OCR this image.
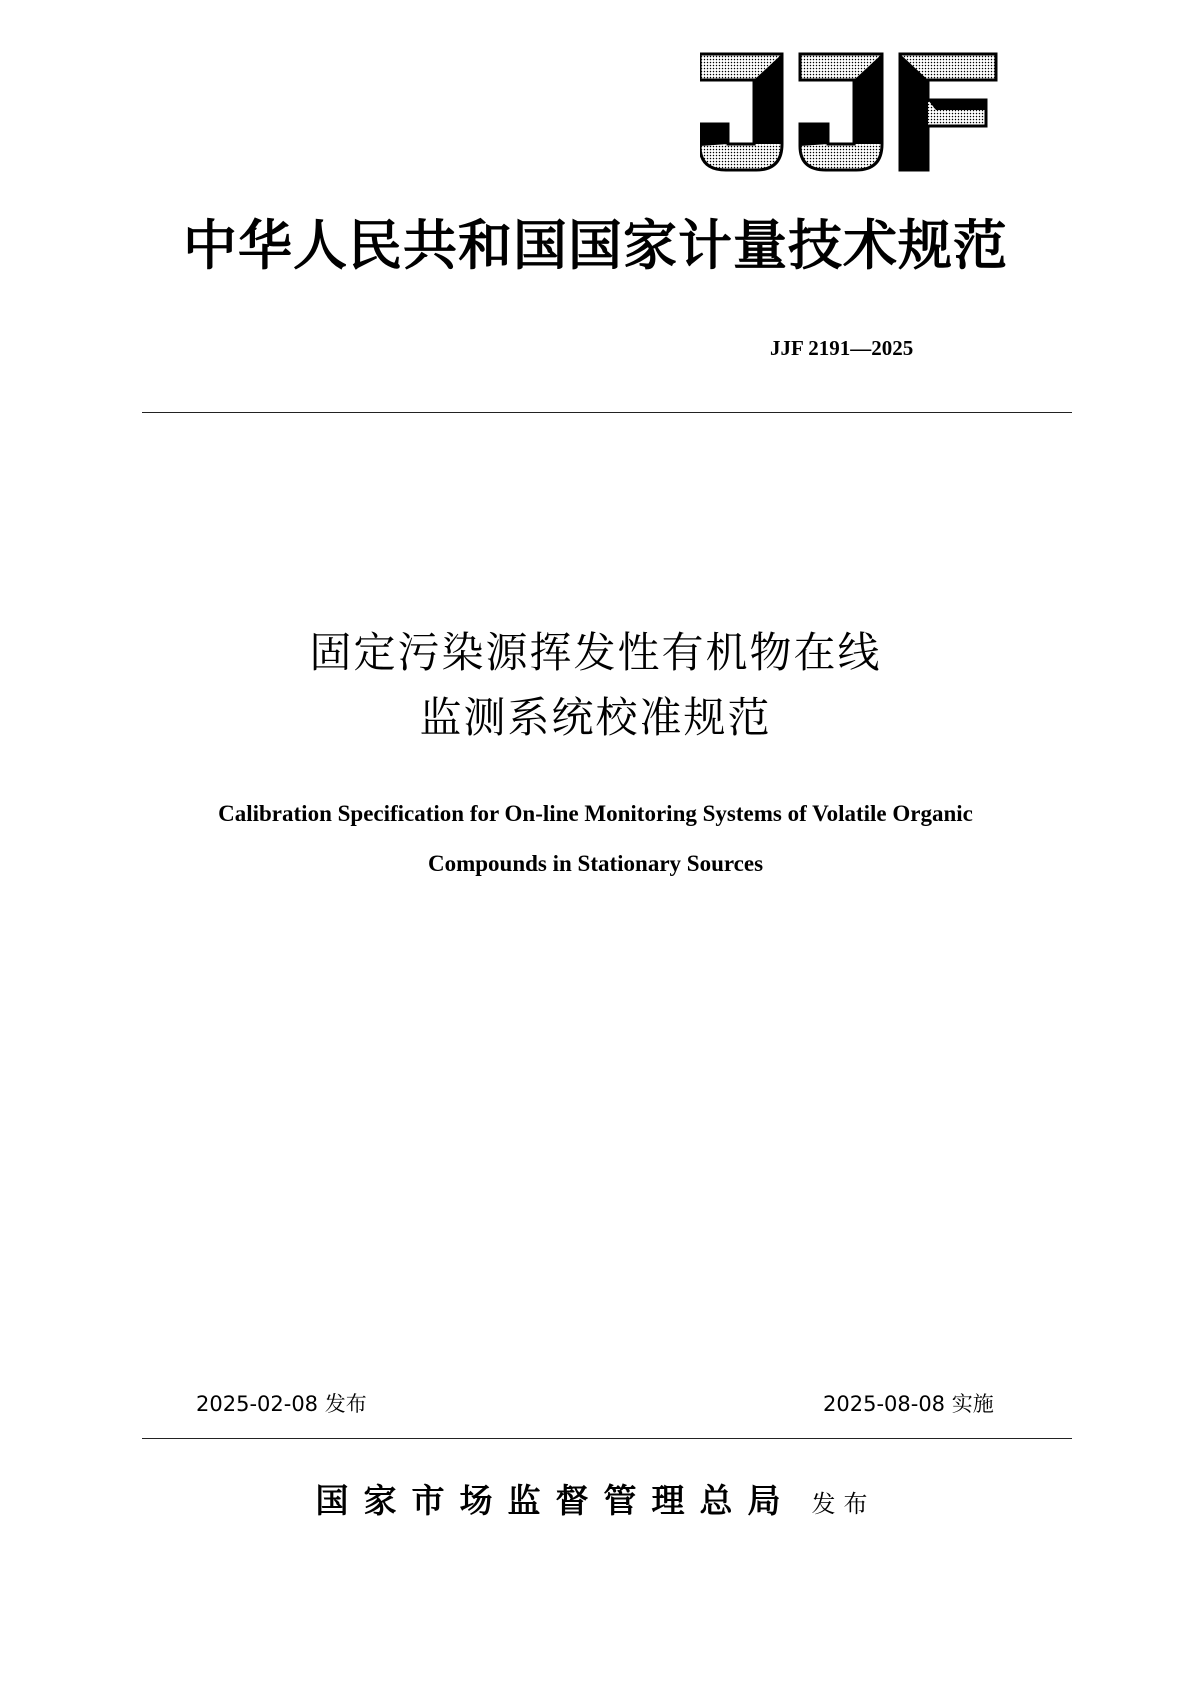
中华人民共和国国家计量技术规范
JJF 2191—2025
固定污染源挥发性有机物在线
监测系统校准规范
Calibration Specification for On-line Monitoring Systems of Volatile Organic
Compounds in Stationary Sources
2025-02-08 发布	2025-08-08 实施
国家市场监督管理总局 发布
